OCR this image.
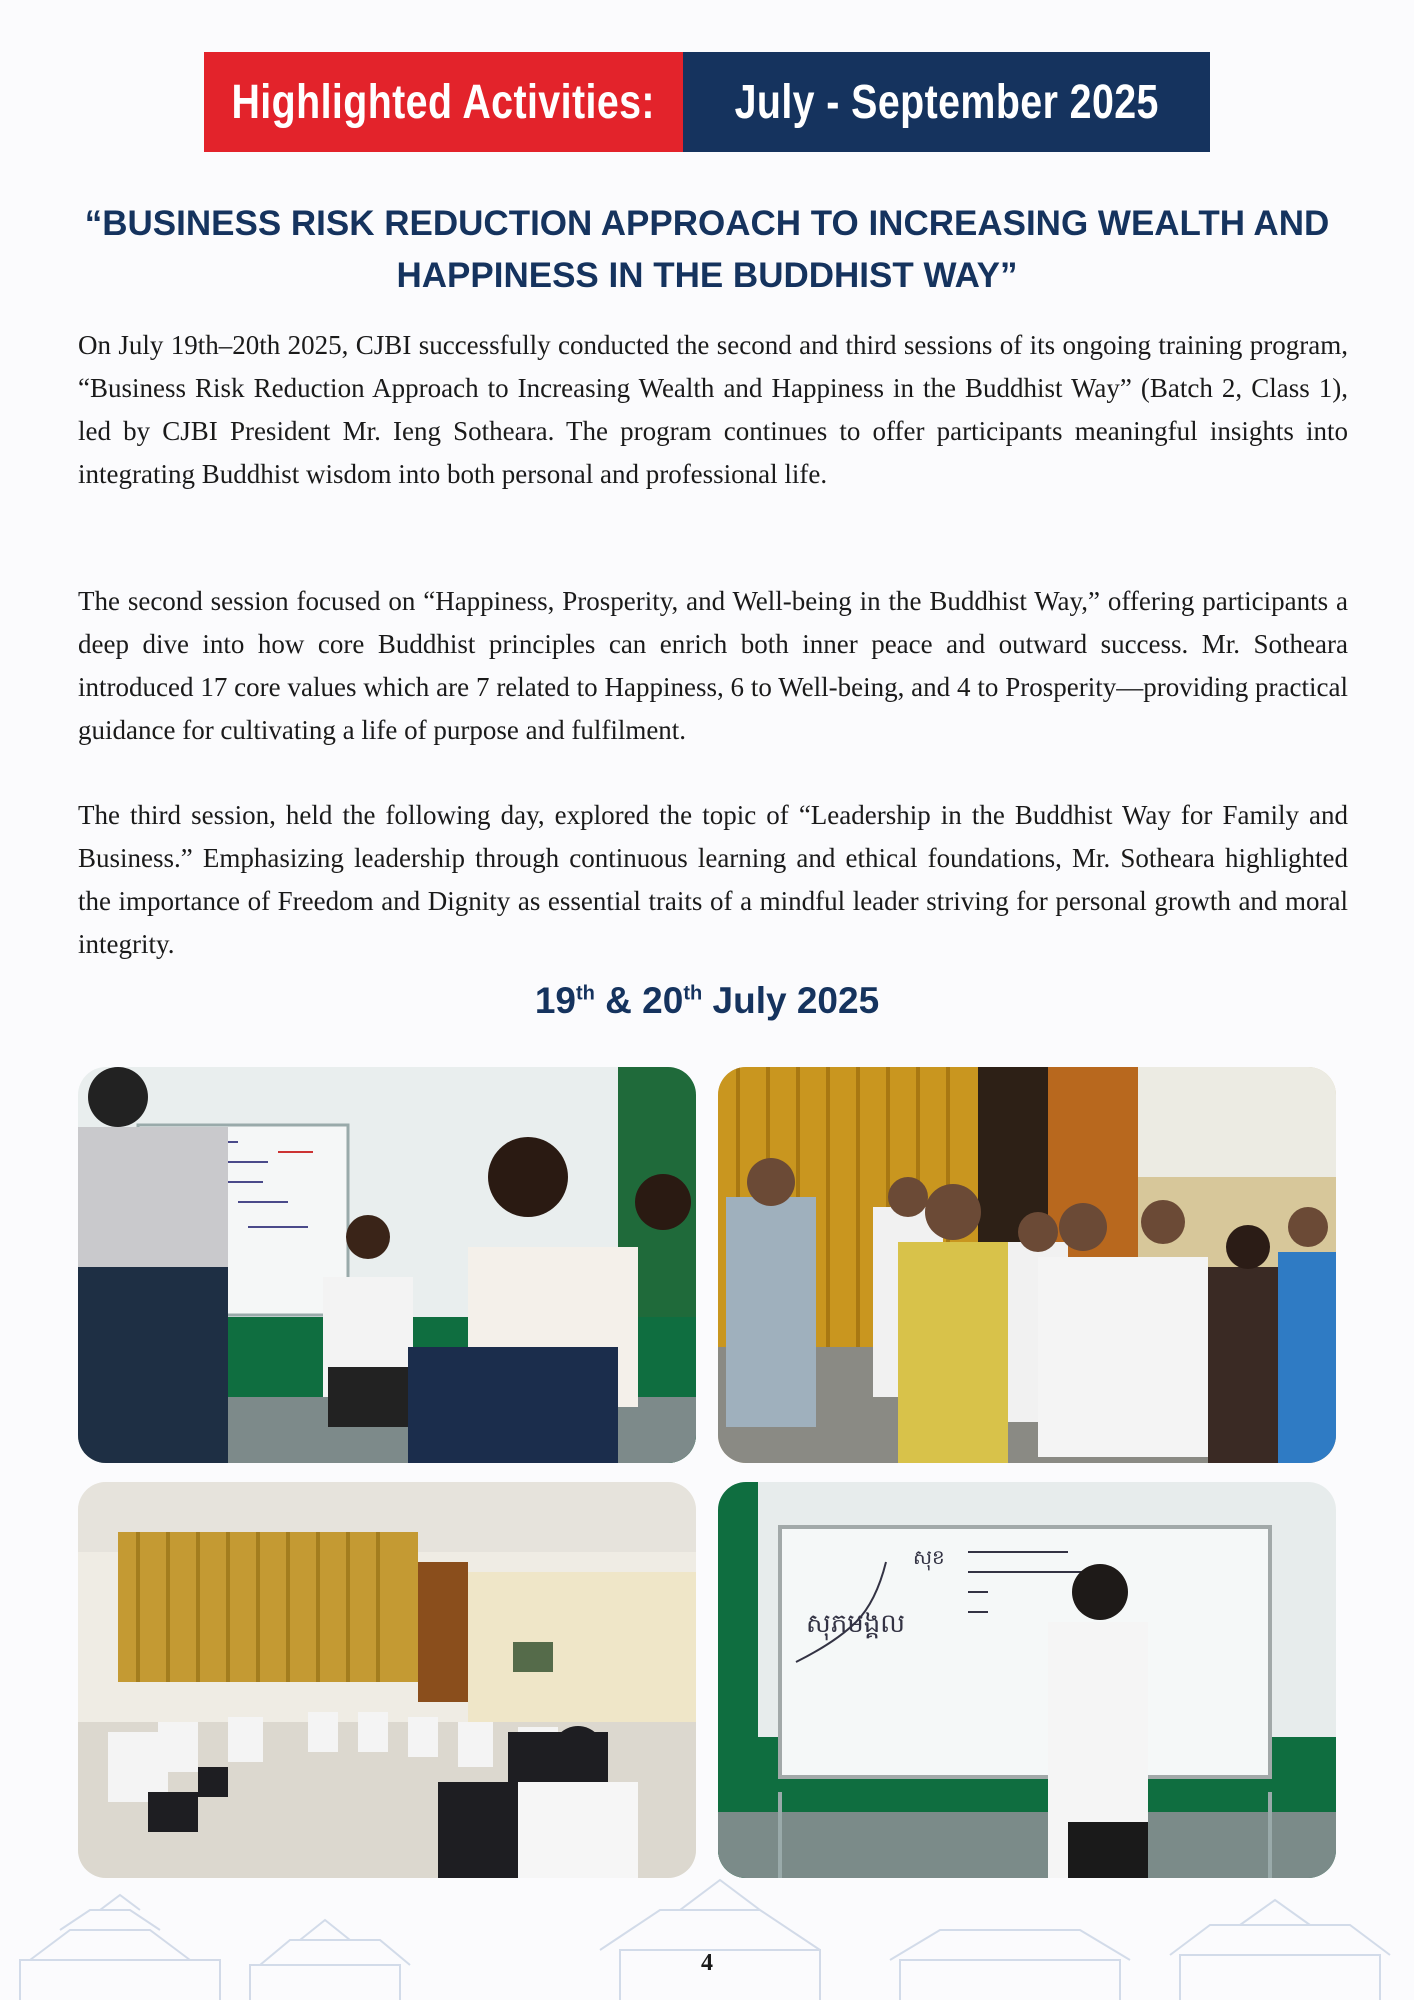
Highlighted Activities: July - September 2025
“BUSINESS RISK REDUCTION APPROACH TO INCREASING WEALTH AND
HAPPINESS IN THE BUDDHIST WAY”

On July 19th–20th 2025, CJBI successfully conducted the second and third sessions of its ongoing training program, “Business Risk Reduction Approach to Increasing Wealth and Happiness in the Buddhist Way” (Batch 2, Class 1), led by CJBI President Mr. Ieng Sotheara. The program continues to offer participants meaningful insights into integrating Buddhist wisdom into both personal and professional life.

The second session focused on “Happiness, Prosperity, and Well-being in the Buddhist Way,” offering participants a deep dive into how core Buddhist principles can enrich both inner peace and outward success. Mr. Sotheara introduced 17 core values which are 7 related to Happiness, 6 to Well-being, and 4 to Prosperity—providing practical guidance for cultivating a life of purpose and fulfilment.

The third session, held the following day, explored the topic of “Leadership in the Buddhist Way for Family and Business.” Emphasizing leadership through continuous learning and ethical foundations, Mr. Sotheara highlighted the importance of Freedom and Dignity as essential traits of a mindful leader striving for personal growth and moral integrity.

19th & 20th July 2025
សុភមង្គល
សុខ
4
